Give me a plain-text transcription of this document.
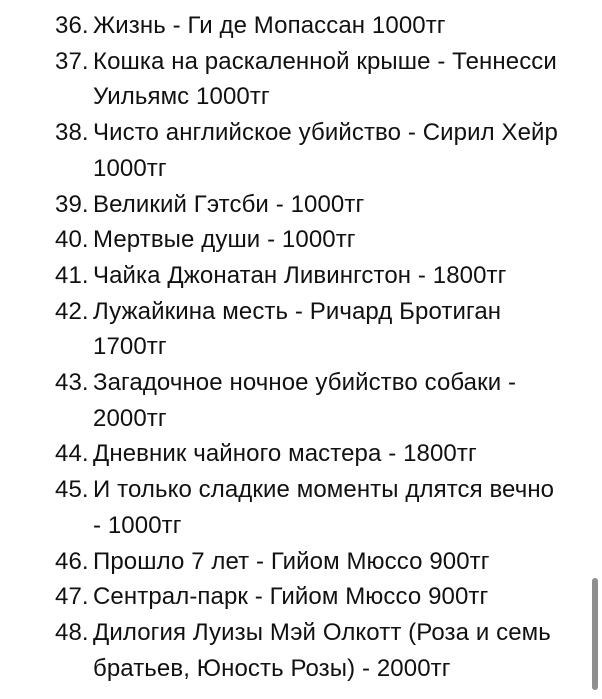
36. Жизнь - Ги де Мопассан 1000тг
37. Кошка на раскаленной крыше - Теннесси Уильямс 1000тг
38. Чисто английское убийство - Сирил Хейр 1000тг
39. Великий Гэтсби - 1000тг
40. Мертвые души - 1000тг
41. Чайка Джонатан Ливингстон - 1800тг
42. Лужайкина месть - Ричард Бротиган 1700тг
43. Загадочное ночное убийство собаки - 2000тг
44. Дневник чайного мастера - 1800тг
45. И только сладкие моменты длятся вечно - 1000тг
46. Прошло 7 лет - Гийом Мюссо 900тг
47. Сентрал-парк - Гийом Мюссо 900тг
48. Дилогия Луизы Мэй Олкотт (Роза и семь братьев, Юность Розы) - 2000тг
